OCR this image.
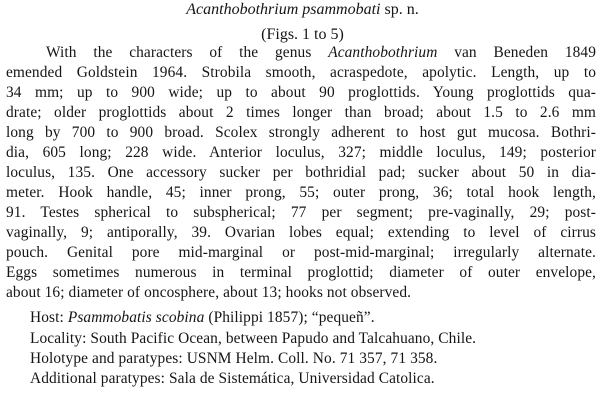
Acanthobothrium psammobati sp. n.
(Figs. 1 to 5)
With the characters of the genus Acanthobothrium van Beneden 1849
emended Goldstein 1964. Strobila smooth, acraspedote, apolytic. Length, up to
34 mm; up to 900 wide; up to about 90 proglottids. Young proglottids qua-
drate; older proglottids about 2 times longer than broad; about 1.5 to 2.6 mm
long by 700 to 900 broad. Scolex strongly adherent to host gut mucosa. Bothri-
dia, 605 long; 228 wide. Anterior loculus, 327; middle loculus, 149; posterior
loculus, 135. One accessory sucker per bothridial pad; sucker about 50 in dia-
meter. Hook handle, 45; inner prong, 55; outer prong, 36; total hook length,
91. Testes spherical to subspherical; 77 per segment; pre-vaginally, 29; post-
vaginally, 9; antiporally, 39. Ovarian lobes equal; extending to level of cirrus
pouch. Genital pore mid-marginal or post-mid-marginal; irregularly alternate.
Eggs sometimes numerous in terminal proglottid; diameter of outer envelope,
about 16; diameter of oncosphere, about 13; hooks not observed.
Host: Psammobatis scobina (Philippi 1857); “pequeñ”.
Locality: South Pacific Ocean, between Papudo and Talcahuano, Chile.
Holotype and paratypes: USNM Helm. Coll. No. 71 357, 71 358.
Additional paratypes: Sala de Sistemática, Universidad Catolica.
